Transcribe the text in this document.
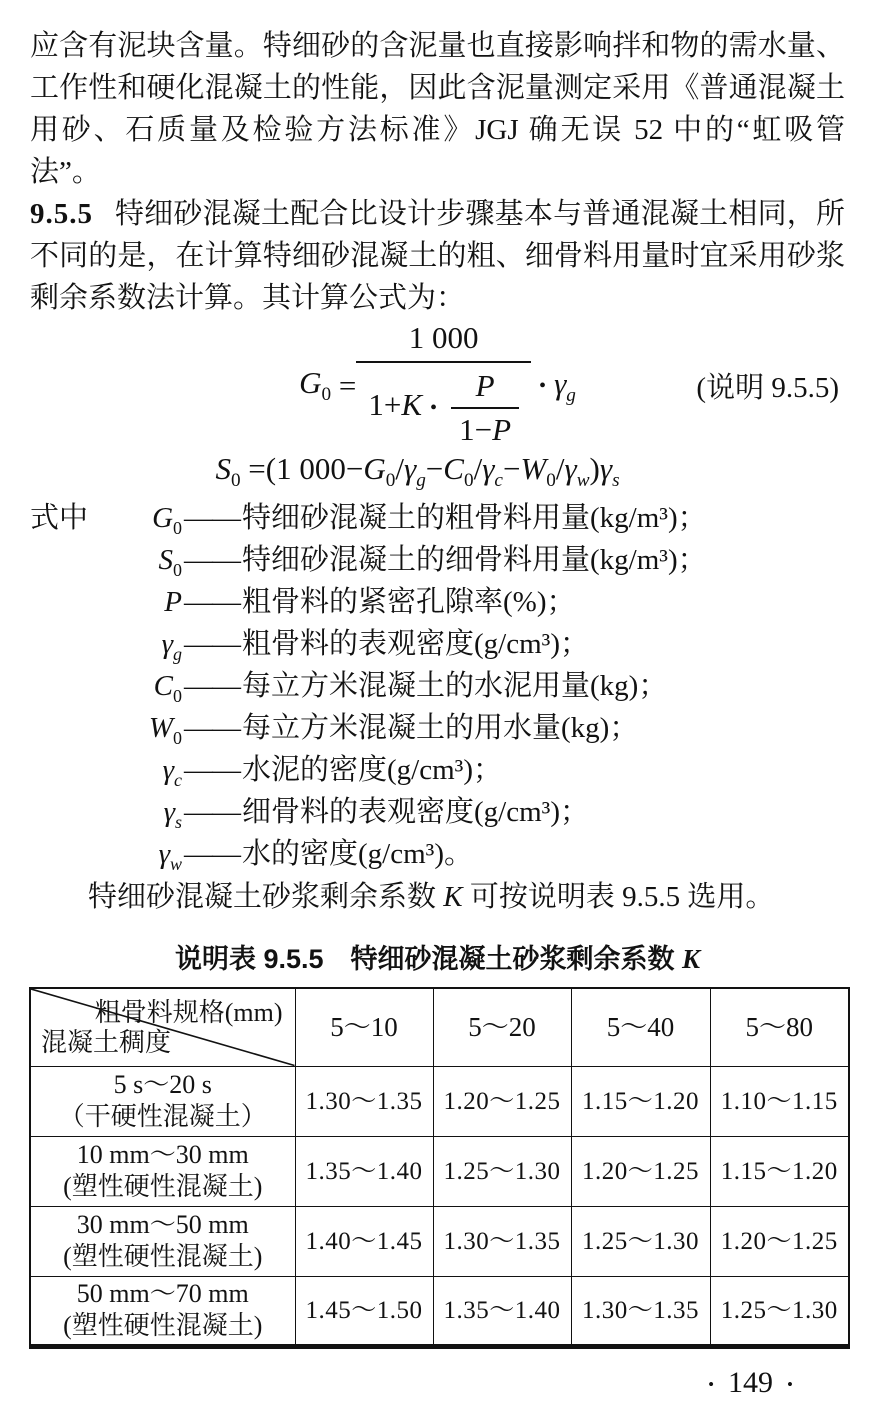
应含有泥块含量。特细砂的含泥量也直接影响拌和物的需水量、工作性和硬化混凝土的性能，因此含泥量测定采用《普通混凝土用砂、石质量及检验方法标准》JGJ 确无误 52 中的“虹吸管法”。
9.5.5 特细砂混凝土配合比设计步骤基本与普通混凝土相同，所不同的是，在计算特细砂混凝土的粗、细骨料用量时宜采用砂浆剩余系数法计算。其计算公式为：
$G_0 = \frac{1 000}{1+K • \frac{P}{1-P}}$ • $\gamma_g$	(说明 9.5.5)
$S_0 =(1$ $000-G_0/\gamma_g-C_0/\gamma_c-W_0/\gamma_w)\gamma_s$
式中	$G_0$ —— 特细砂混凝土的粗骨料用量(kg/m³)；
$S_0$ —— 特细砂混凝土的细骨料用量(kg/m³)；
P —— 粗骨料的紧密孔隙率(%)；
$\gamma_g$ —— 粗骨料的表观密度(g/cm³)；
$C_0$ —— 每立方米混凝土的水泥用量(kg)；
$W_0$ —— 每立方米混凝土的用水量(kg)；
$\gamma_c$ —— 水泥的密度(g/cm³)；
$\gamma_s$ —— 细骨料的表观密度(g/cm³)；
$\gamma_w$ —— 水的密度(g/cm³)。
特细砂混凝土砂浆剩余系数 K 可按说明表 9.5.5 选用。
说明表 9.5.5　特细砂混凝土砂浆剩余系数 K
粗骨料规格(mm)
混凝土稠度	5～10	5～20	5～40	5～80

5 s～20 s
（干硬性混凝土）	1.30～1.35	1.20～1.25	1.15～1.20	1.10～1.15

10 mm～30 mm
(塑性硬性混凝土)	1.35～1.40	1.25～1.30	1.20～1.25	1.15～1.20

30 mm～50 mm
(塑性硬性混凝土)	1.40～1.45	1.30～1.35	1.25～1.30	1.20～1.25

50 mm～70 mm
(塑性硬性混凝土)	1.45～1.50	1.35～1.40	1.30～1.35	1.25～1.30
• 149 •
